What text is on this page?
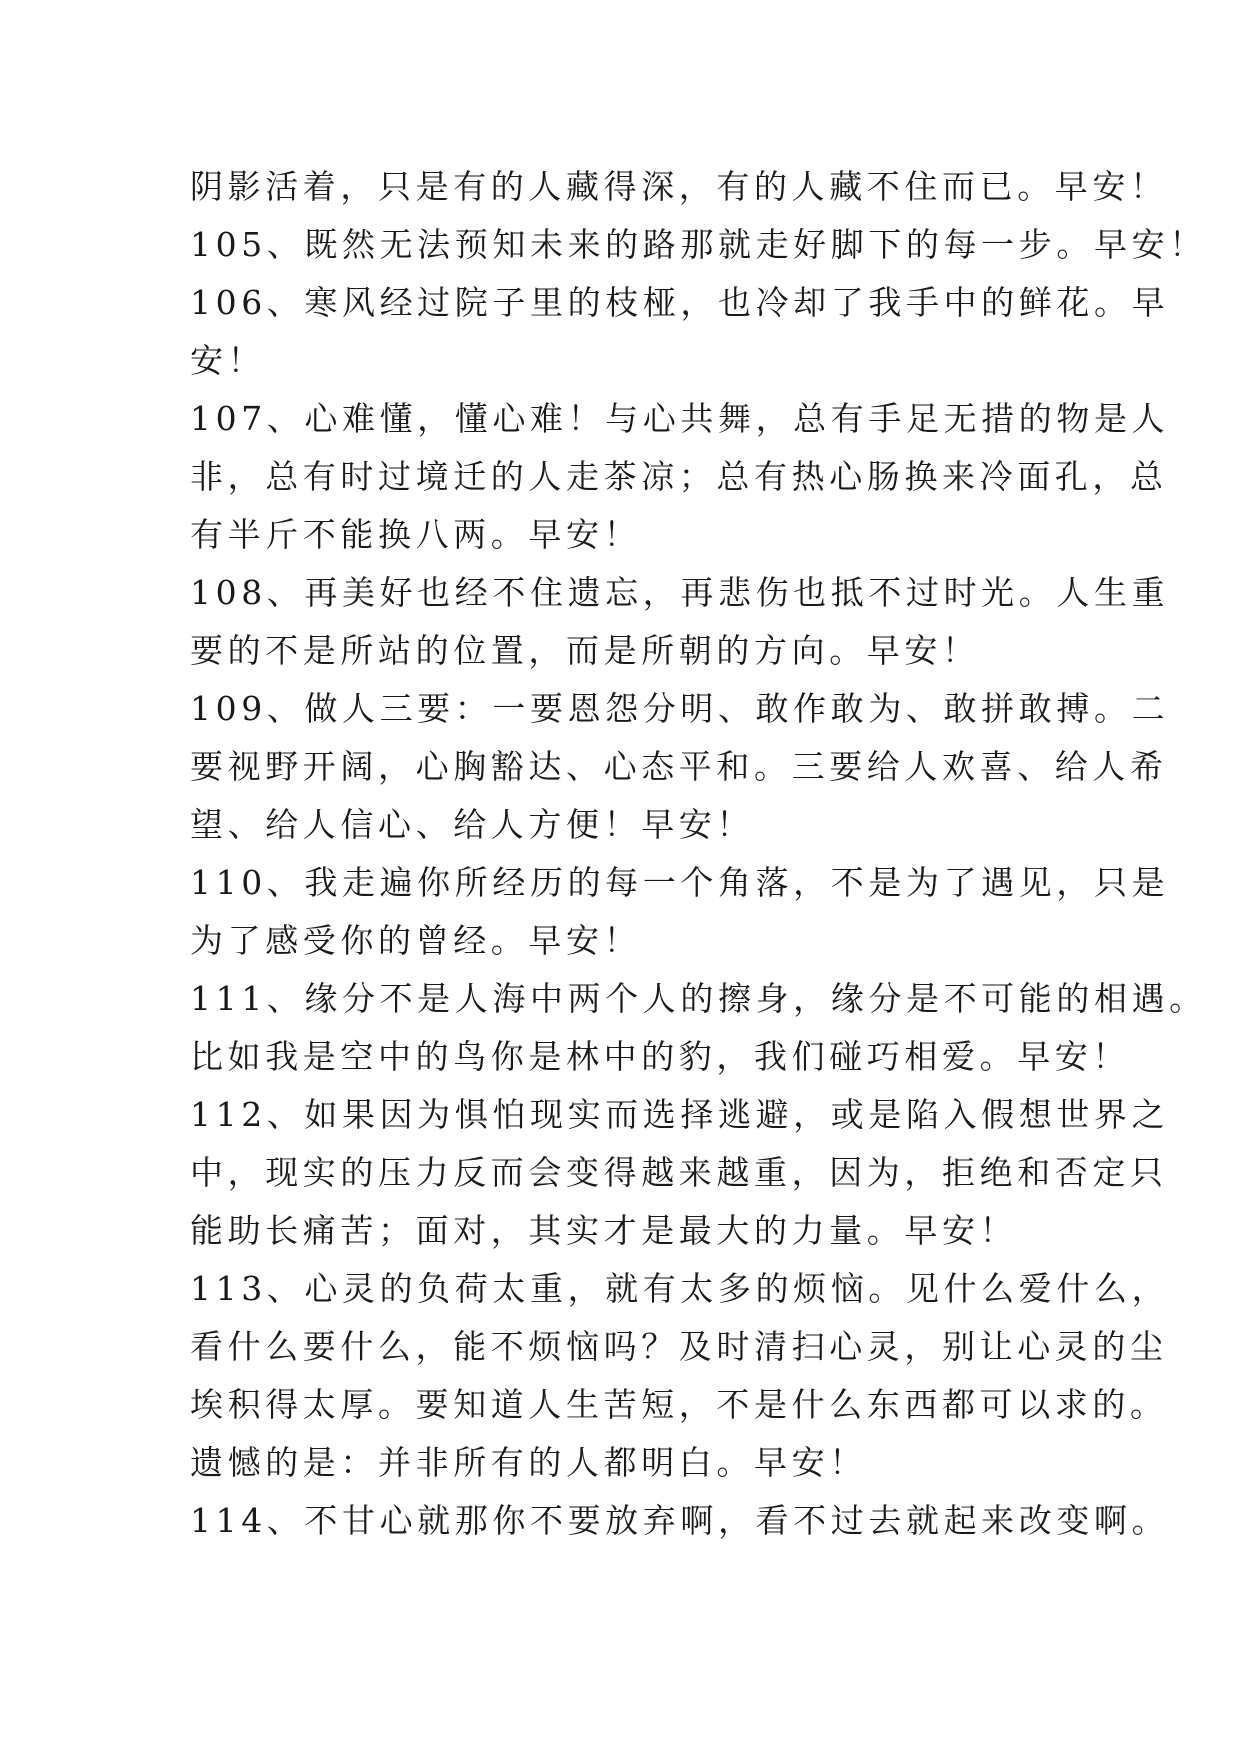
阴影活着，只是有的人藏得深，有的人藏不住而已。早安！
105、既然无法预知未来的路那就走好脚下的每一步。早安！
106、寒风经过院子里的枝桠，也冷却了我手中的鲜花。早
安！
107、心难懂，懂心难！与心共舞，总有手足无措的物是人
非，总有时过境迁的人走茶凉；总有热心肠换来冷面孔，总
有半斤不能换八两。早安！
108、再美好也经不住遗忘，再悲伤也抵不过时光。人生重
要的不是所站的位置，而是所朝的方向。早安！
109、做人三要：一要恩怨分明、敢作敢为、敢拼敢搏。二
要视野开阔，心胸豁达、心态平和。三要给人欢喜、给人希
望、给人信心、给人方便！早安！
110、我走遍你所经历的每一个角落，不是为了遇见，只是
为了感受你的曾经。早安！
111、缘分不是人海中两个人的擦身，缘分是不可能的相遇。
比如我是空中的鸟你是林中的豹，我们碰巧相爱。早安！
112、如果因为惧怕现实而选择逃避，或是陷入假想世界之
中，现实的压力反而会变得越来越重，因为，拒绝和否定只
能助长痛苦；面对，其实才是最大的力量。早安！
113、心灵的负荷太重，就有太多的烦恼。见什么爱什么，
看什么要什么，能不烦恼吗？及时清扫心灵，别让心灵的尘
埃积得太厚。要知道人生苦短，不是什么东西都可以求的。
遗憾的是：并非所有的人都明白。早安！
114、不甘心就那你不要放弃啊，看不过去就起来改变啊。
